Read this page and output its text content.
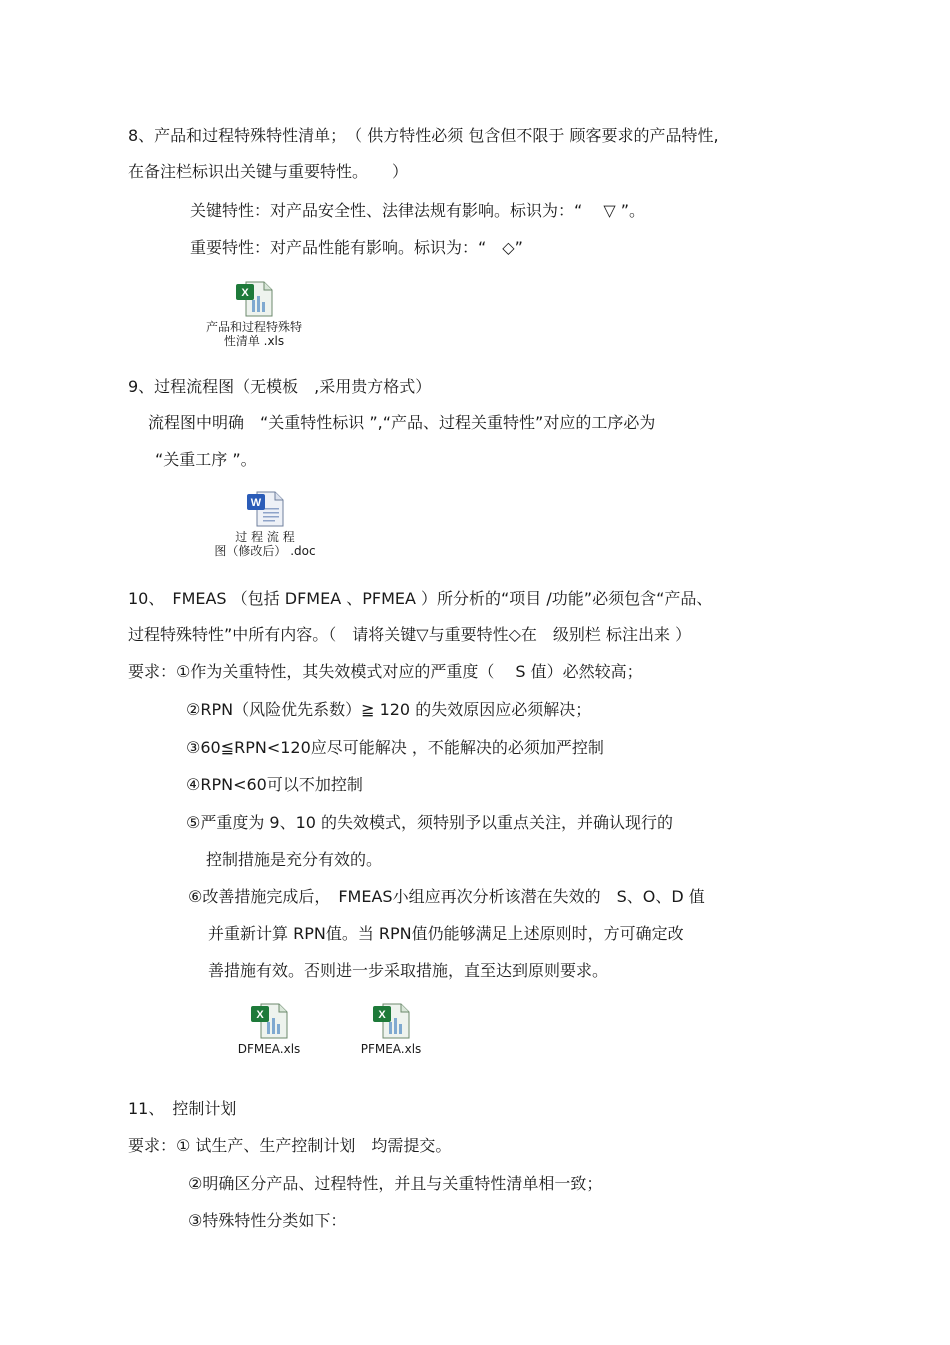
8、产品和过程特殊特性清单；　（ 供方特性必须 包含但不限于 顾客要求的产品特性,
在备注栏标识出关键与重要特性。　　）
关键特性：对产品安全性、法律法规有影响。标识为：“　 ▽ ”。
重要特性：对产品性能有影响。标识为：“　◇”
X
产品和过程特殊特
性清单 .xls
9、过程流程图（无模板　,采用贵方格式）
流程图中明确　“关重特性标识 ”,“产品、过程关重特性”对应的工序必为
“关重工序 ”。
W
过 程 流 程
图（修改后） .doc
10、　FMEAS （包括 DFMEA 、PFMEA ）所分析的“项目 /功能”必须包含“产品、
过程特殊特性”中所有内容。（　请将关键▽与重要特性◇在　级别栏 标注出来 ）
要求：①作为关重特性，其失效模式对应的严重度（　 S 值）必然较高；
②RPN（风险优先系数）≧ 120 的失效原因应必须解决；
③60≦RPN<120应尽可能解决 ，不能解决的必须加严控制
④RPN<60可以不加控制
⑤严重度为 9、10 的失效模式，须特别予以重点关注，并确认现行的
控制措施是充分有效的。
⑥改善措施完成后，　FMEAS小组应再次分析该潜在失效的　S、O、D 值
并重新计算 RPN值。当 RPN值仍能够满足上述原则时，方可确定改
善措施有效。否则进一步采取措施，直至达到原则要求。
X
DFMEA.xls
X
PFMEA.xls
11、　控制计划
要求：① 试生产、生产控制计划　均需提交。
②明确区分产品、过程特性，并且与关重特性清单相一致；
③特殊特性分类如下：
